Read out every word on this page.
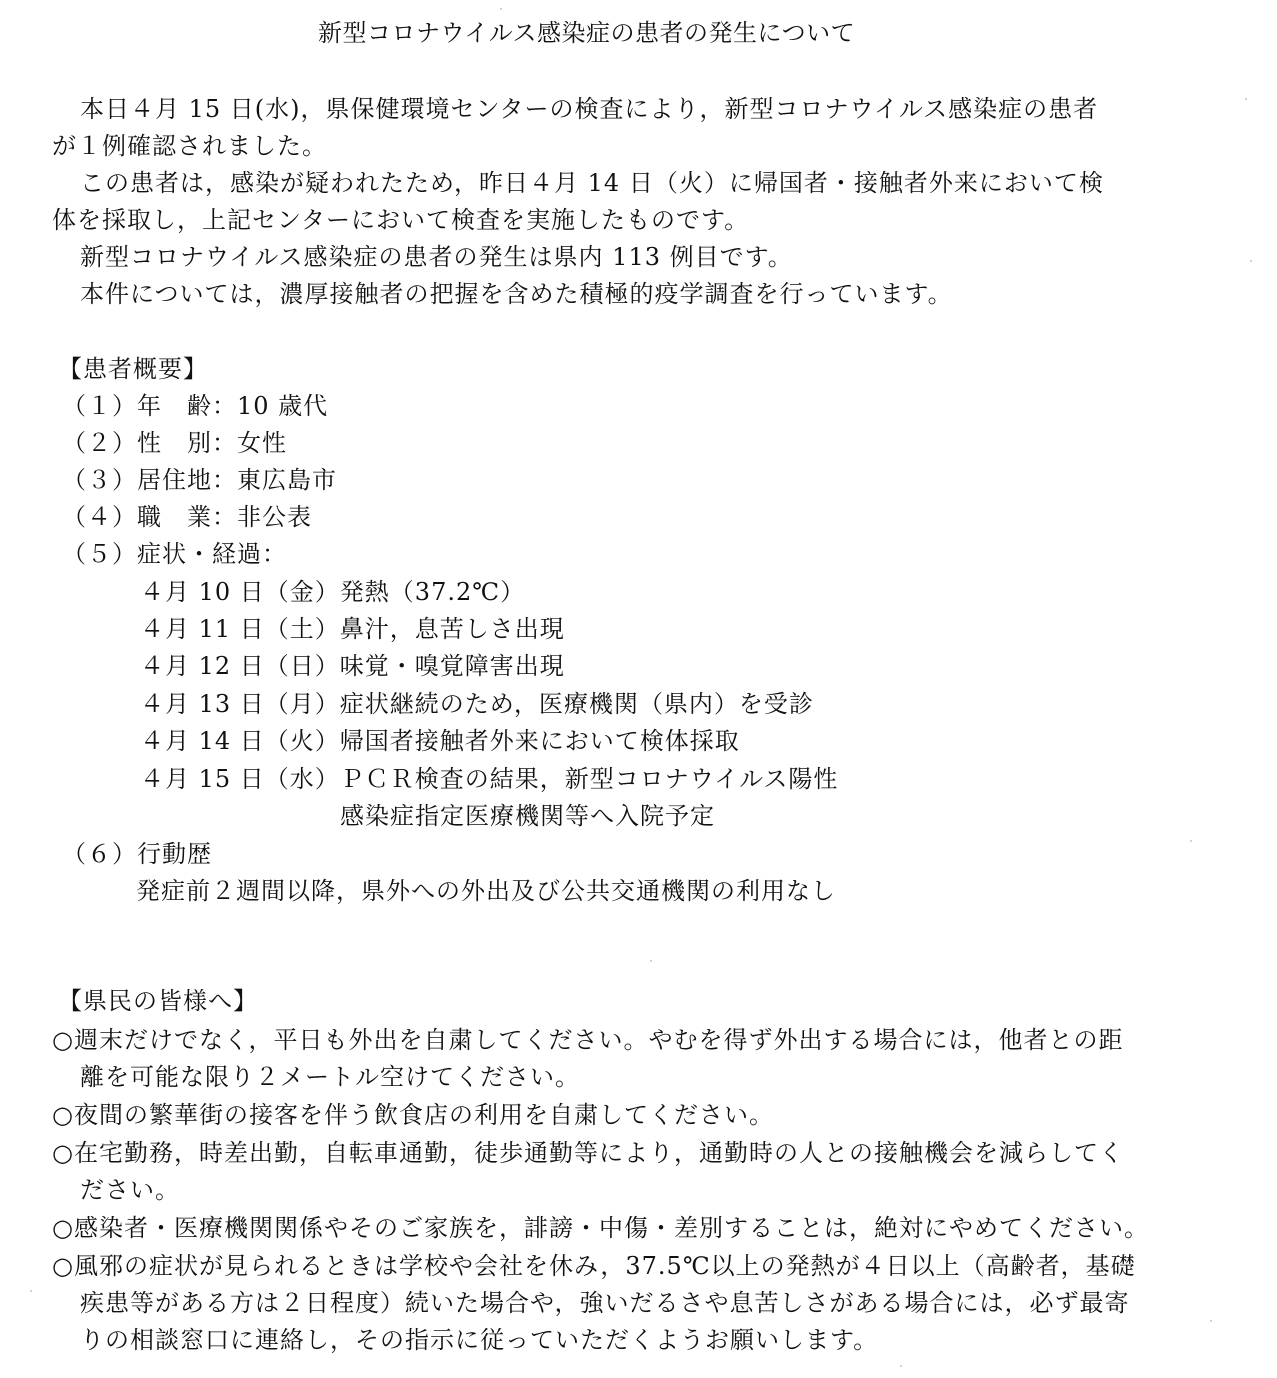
新型コロナウイルス感染症の患者の発生について
本日４月 15 日(水)，県保健環境センターの検査により，新型コロナウイルス感染症の患者
が１例確認されました。
この患者は，感染が疑われたため，昨日４月 14 日（火）に帰国者・接触者外来において検
体を採取し，上記センターにおいて検査を実施したものです。
新型コロナウイルス感染症の患者の発生は県内 113 例目です。
本件については，濃厚接触者の把握を含めた積極的疫学調査を行っています。
【患者概要】
（１）年　齢：10 歳代
（２）性　別：女性
（３）居住地：東広島市
（４）職　業：非公表
（５）症状・経過：
４月 10 日（金）発熱（37.2℃）
４月 11 日（土）鼻汁，息苦しさ出現
４月 12 日（日）味覚・嗅覚障害出現
４月 13 日（月）症状継続のため，医療機関（県内）を受診
４月 14 日（火）帰国者接触者外来において検体採取
４月 15 日（水）ＰＣＲ検査の結果，新型コロナウイルス陽性
感染症指定医療機関等へ入院予定
（６）行動歴
発症前２週間以降，県外への外出及び公共交通機関の利用なし
【県民の皆様へ】
○週末だけでなく，平日も外出を自粛してください。やむを得ず外出する場合には，他者との距
離を可能な限り２メートル空けてください。
○夜間の繁華街の接客を伴う飲食店の利用を自粛してください。
○在宅勤務，時差出勤，自転車通勤，徒歩通勤等により，通勤時の人との接触機会を減らしてく
ださい。
○感染者・医療機関関係やそのご家族を，誹謗・中傷・差別することは，絶対にやめてください。
○風邪の症状が見られるときは学校や会社を休み，37.5℃以上の発熱が４日以上（高齢者，基礎
疾患等がある方は２日程度）続いた場合や，強いだるさや息苦しさがある場合には，必ず最寄
りの相談窓口に連絡し，その指示に従っていただくようお願いします。
